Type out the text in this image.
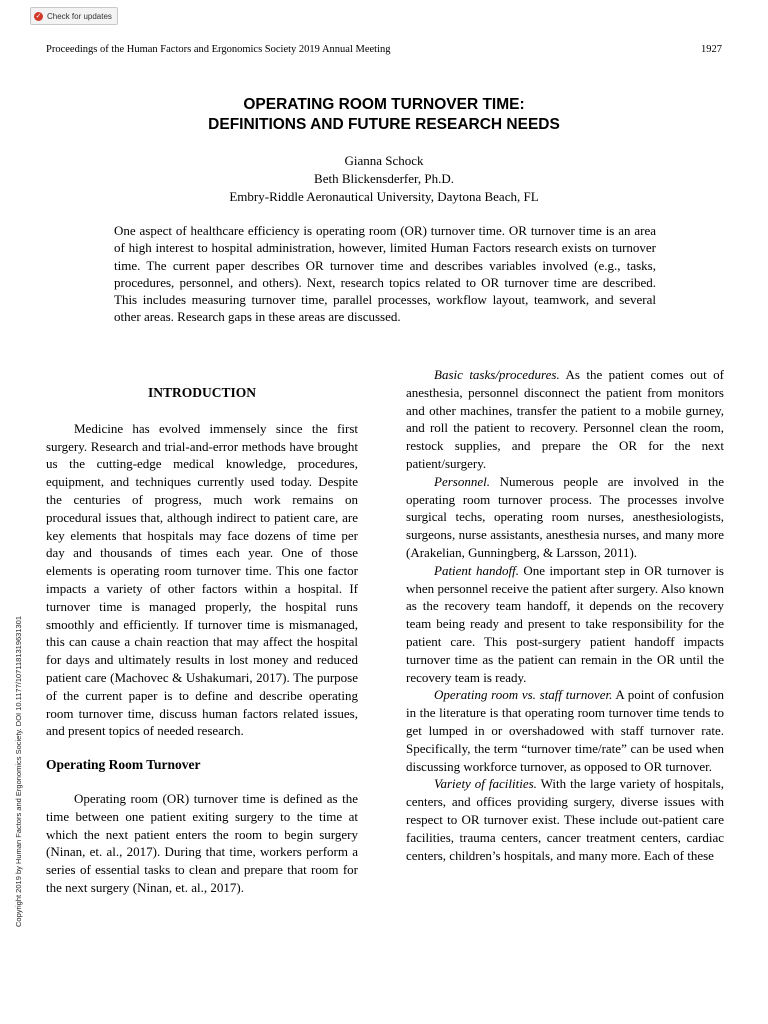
✓ Check for updates
Proceedings of the Human Factors and Ergonomics Society 2019 Annual Meeting	1927
OPERATING ROOM TURNOVER TIME:
DEFINITIONS AND FUTURE RESEARCH NEEDS
Gianna Schock
Beth Blickensderfer, Ph.D.
Embry-Riddle Aeronautical University, Daytona Beach, FL
One aspect of healthcare efficiency is operating room (OR) turnover time. OR turnover time is an area of high interest to hospital administration, however, limited Human Factors research exists on turnover time. The current paper describes OR turnover time and describes variables involved (e.g., tasks, procedures, personnel, and others). Next, research topics related to OR turnover time are described. This includes measuring turnover time, parallel processes, workflow layout, teamwork, and several other areas. Research gaps in these areas are discussed.
Copyright 2019 by Human Factors and Ergonomics Society. DOI 10.1177/1071181319631301
INTRODUCTION

Medicine has evolved immensely since the first surgery. Research and trial-and-error methods have brought us the cutting-edge medical knowledge, procedures, equipment, and techniques currently used today. Despite the centuries of progress, much work remains on procedural issues that, although indirect to patient care, are key elements that hospitals may face dozens of time per day and thousands of times each year. One of those elements is operating room turnover time. This one factor impacts a variety of other factors within a hospital. If turnover time is managed properly, the hospital runs smoothly and efficiently. If turnover time is mismanaged, this can cause a chain reaction that may affect the hospital for days and ultimately results in lost money and reduced patient care (Machovec & Ushakumari, 2017). The purpose of the current paper is to define and describe operating room turnover time, discuss human factors related issues, and present topics of needed research.

Operating Room Turnover

Operating room (OR) turnover time is defined as the time between one patient exiting surgery to the time at which the next patient enters the room to begin surgery (Ninan, et. al., 2017). During that time, workers perform a series of essential tasks to clean and prepare that room for the next surgery (Ninan, et. al., 2017).

Basic tasks/procedures. As the patient comes out of anesthesia, personnel disconnect the patient from monitors and other machines, transfer the patient to a mobile gurney, and roll the patient to recovery. Personnel clean the room, restock supplies, and prepare the OR for the next patient/surgery.

Personnel. Numerous people are involved in the operating room turnover process. The processes involve surgical techs, operating room nurses, anesthesiologists, surgeons, nurse assistants, anesthesia nurses, and many more (Arakelian, Gunningberg, & Larsson, 2011).

Patient handoff. One important step in OR turnover is when personnel receive the patient after surgery. Also known as the recovery team handoff, it depends on the recovery team being ready and present to take responsibility for the patient care. This post-surgery patient handoff impacts turnover time as the patient can remain in the OR until the recovery team is ready.

Operating room vs. staff turnover. A point of confusion in the literature is that operating room turnover time tends to get lumped in or overshadowed with staff turnover rate. Specifically, the term “turnover time/rate” can be used when discussing workforce turnover, as opposed to OR turnover.

Variety of facilities. With the large variety of hospitals, centers, and offices providing surgery, diverse issues with respect to OR turnover exist. These include out-patient care facilities, trauma centers, cancer treatment centers, cardiac centers, children’s hospitals, and many more. Each of these
